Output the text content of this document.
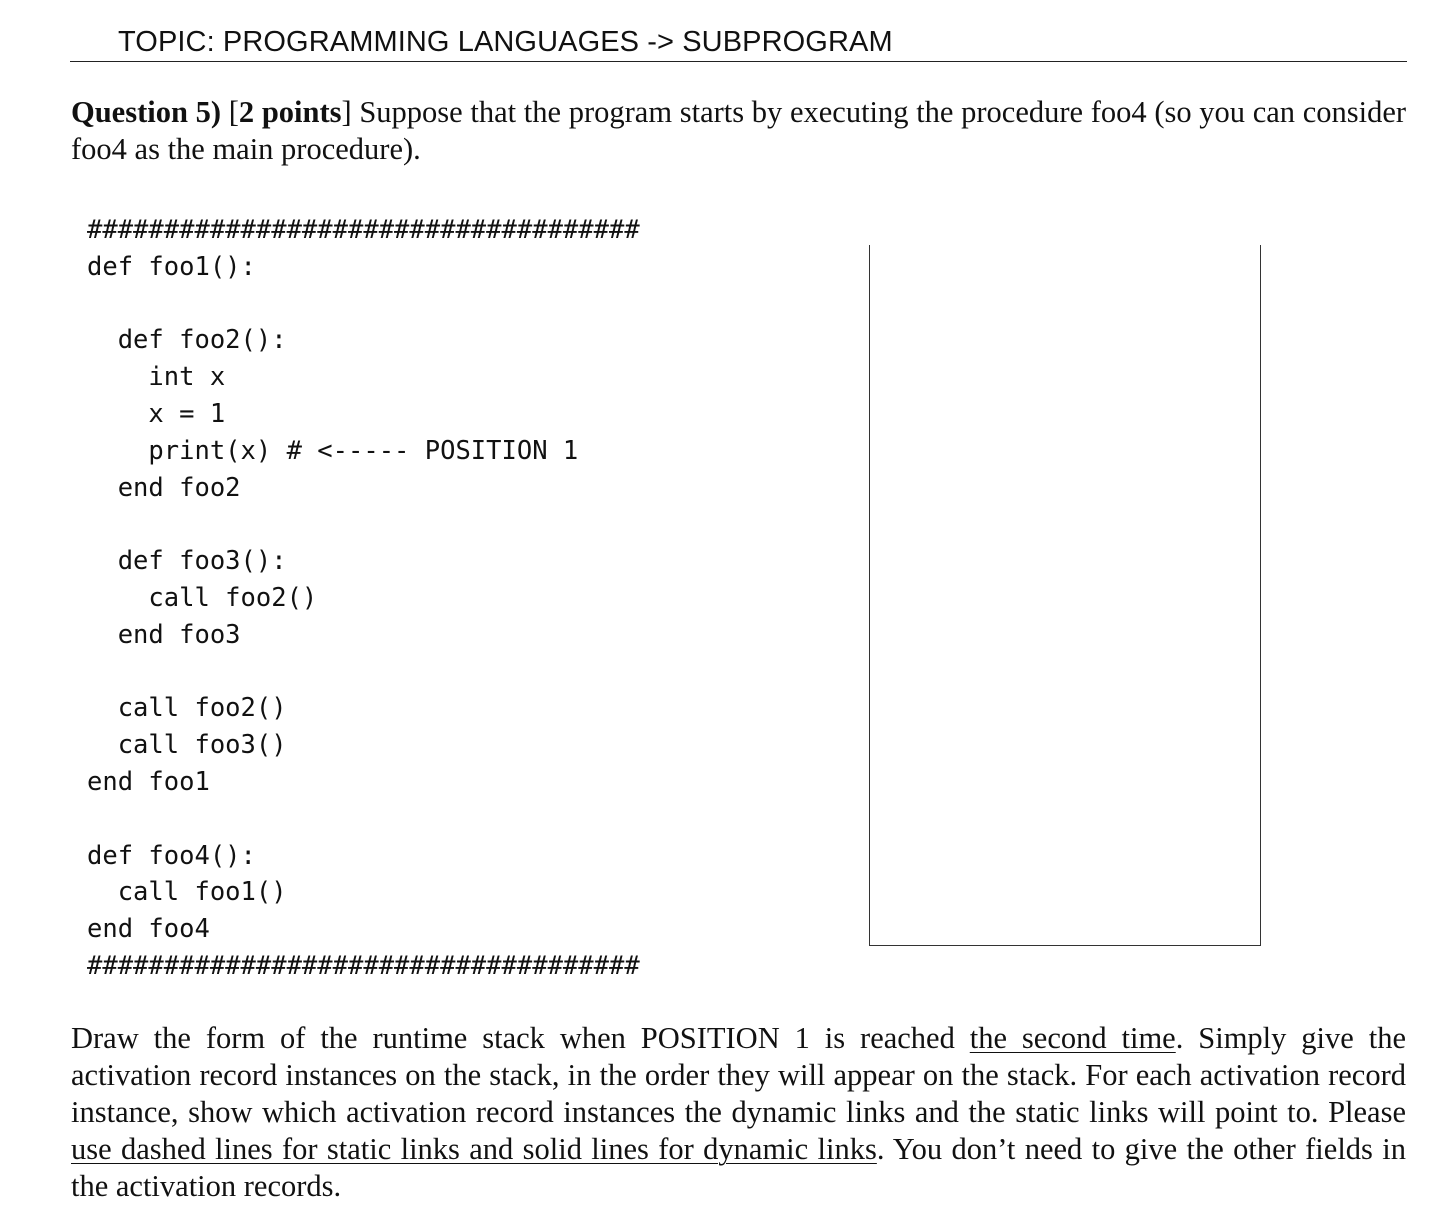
TOPIC: PROGRAMMING LANGUAGES -> SUBPROGRAM

Question 5) [2 points] Suppose that the program starts by executing the procedure foo4 (so you can consider foo4 as the main procedure).

####################################
def foo1():
def foo2():
int x
x = 1
print(x) # <----- POSITION 1
end foo2
def foo3():
call foo2()
end foo3
call foo2()
call foo3()
end foo1
def foo4():
call foo1()
end foo4
####################################

Draw the form of the runtime stack when POSITION 1 is reached the second time. Simply give the activation record instances on the stack, in the order they will appear on the stack. For each activation record instance, show which activation record instances the dynamic links and the static links will point to. Please use dashed lines for static links and solid lines for dynamic links. You don’t need to give the other fields in the activation records.
